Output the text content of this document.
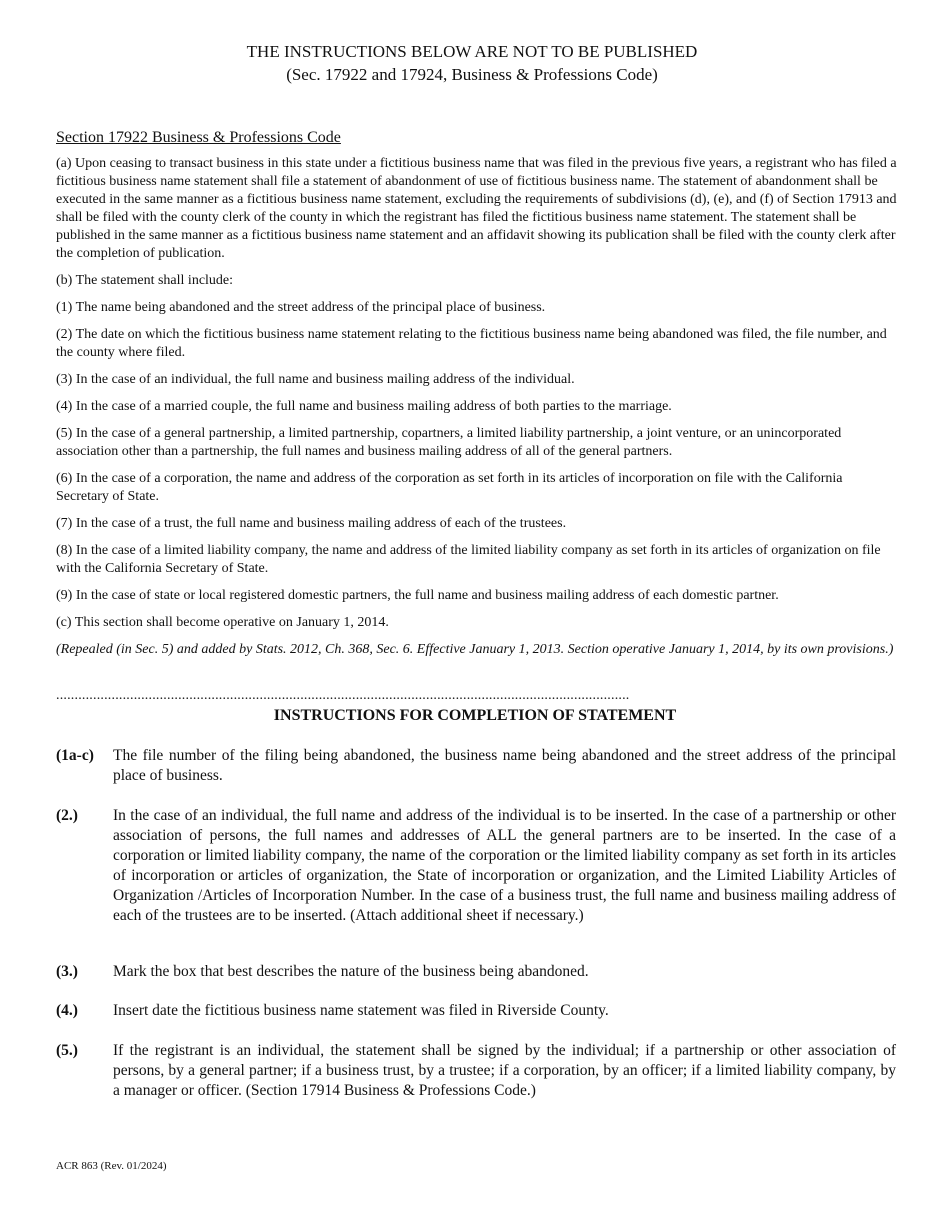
THE INSTRUCTIONS BELOW ARE NOT TO BE PUBLISHED
(Sec. 17922 and 17924, Business & Professions Code)
Section 17922 Business & Professions Code
(a) Upon ceasing to transact business in this state under a fictitious business name that was filed in the previous five years, a registrant who has filed a fictitious business name statement shall file a statement of abandonment of use of fictitious business name. The statement of abandonment shall be executed in the same manner as a fictitious business name statement, excluding the requirements of subdivisions (d), (e), and (f) of Section 17913 and shall be filed with the county clerk of the county in which the registrant has filed the fictitious business name statement. The statement shall be published in the same manner as a fictitious business name statement and an affidavit showing its publication shall be filed with the county clerk after the completion of publication.
(b) The statement shall include:
(1) The name being abandoned and the street address of the principal place of business.
(2) The date on which the fictitious business name statement relating to the fictitious business name being abandoned was filed, the file number, and the county where filed.
(3) In the case of an individual, the full name and business mailing address of the individual.
(4) In the case of a married couple, the full name and business mailing address of both parties to the marriage.
(5) In the case of a general partnership, a limited partnership, copartners, a limited liability partnership, a joint venture, or an unincorporated association other than a partnership, the full names and business mailing address of all of the general partners.
(6) In the case of a corporation, the name and address of the corporation as set forth in its articles of incorporation on file with the California Secretary of State.
(7) In the case of a trust, the full name and business mailing address of each of the trustees.
(8) In the case of a limited liability company, the name and address of the limited liability company as set forth in its articles of organization on file with the California Secretary of State.
(9) In the case of state or local registered domestic partners, the full name and business mailing address of each domestic partner.
(c) This section shall become operative on January 1, 2014.
(Repealed (in Sec. 5) and added by Stats. 2012, Ch. 368, Sec. 6. Effective January 1, 2013. Section operative January 1, 2014, by its own provisions.)
...........................................................................................................................................................
INSTRUCTIONS FOR COMPLETION OF STATEMENT
(1a-c) The file number of the filing being abandoned, the business name being abandoned and the street address of the principal place of business.
(2.) In the case of an individual, the full name and address of the individual is to be inserted. In the case of a partnership or other association of persons, the full names and addresses of ALL the general partners are to be inserted. In the case of a corporation or limited liability company, the name of the corporation or the limited liability company as set forth in its articles of incorporation or articles of organization, the State of incorporation or organization, and the Limited Liability Articles of Organization /Articles of Incorporation Number. In the case of a business trust, the full name and business mailing address of each of the trustees are to be inserted. (Attach additional sheet if necessary.)
(3.) Mark the box that best describes the nature of the business being abandoned.
(4.) Insert date the fictitious business name statement was filed in Riverside County.
(5.) If the registrant is an individual, the statement shall be signed by the individual; if a partnership or other association of persons, by a general partner; if a business trust, by a trustee; if a corporation, by an officer; if a limited liability company, by a manager or officer. (Section 17914 Business & Professions Code.)
ACR 863 (Rev. 01/2024)
